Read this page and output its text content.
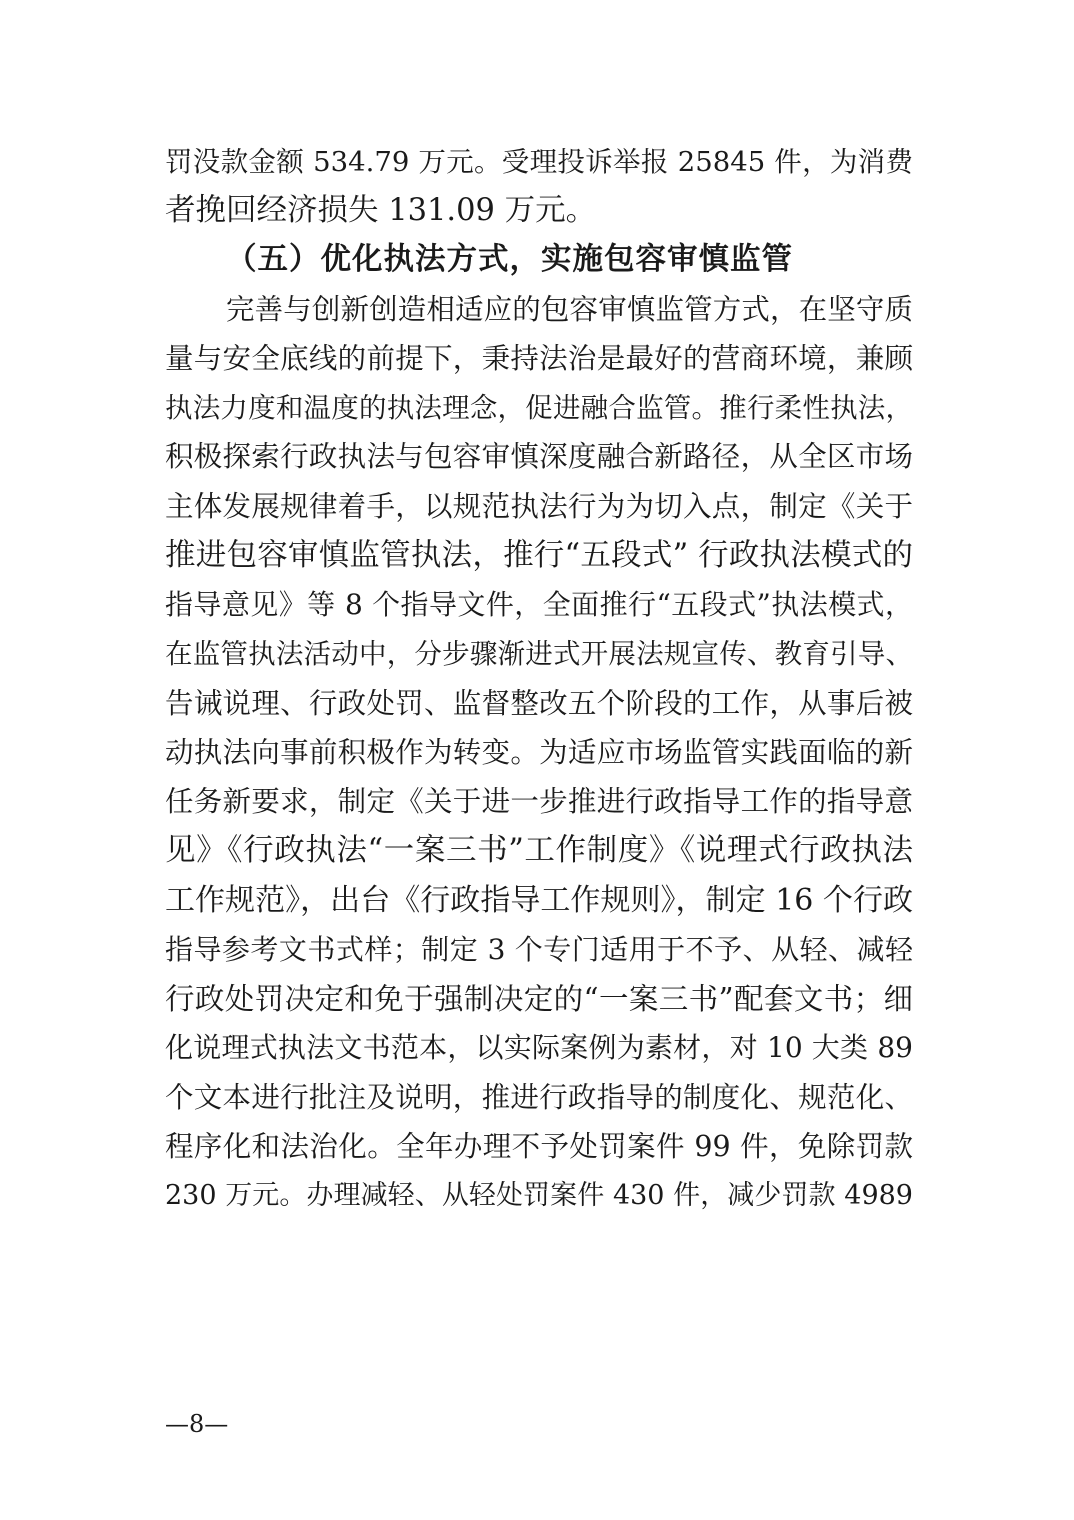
罚没款金额 534.79 万元。受理投诉举报 25845 件，为消费
者挽回经济损失 131.09 万元。
（五）优化执法方式，实施包容审慎监管
完善与创新创造相适应的包容审慎监管方式，在坚守质
量与安全底线的前提下，秉持法治是最好的营商环境，兼顾
执法力度和温度的执法理念，促进融合监管。推行柔性执法，
积极探索行政执法与包容审慎深度融合新路径，从全区市场
主体发展规律着手，以规范执法行为为切入点，制定《关于
推进包容审慎监管执法，推行“五段式” 行政执法模式的
指导意见》等 8 个指导文件，全面推行“五段式”执法模式，
在监管执法活动中，分步骤渐进式开展法规宣传、教育引导、
告诫说理、行政处罚、监督整改五个阶段的工作，从事后被
动执法向事前积极作为转变。为适应市场监管实践面临的新
任务新要求，制定《关于进一步推进行政指导工作的指导意
见》《行政执法“一案三书”工作制度》《说理式行政执法
工作规范》，出台《行政指导工作规则》，制定 16 个行政
指导参考文书式样；制定 3 个专门适用于不予、从轻、减轻
行政处罚决定和免于强制决定的“一案三书”配套文书；细
化说理式执法文书范本，以实际案例为素材，对 10 大类 89
个文本进行批注及说明，推进行政指导的制度化、规范化、
程序化和法治化。全年办理不予处罚案件 99 件，免除罚款
230 万元。办理减轻、从轻处罚案件 430 件，减少罚款 4989
—8—
